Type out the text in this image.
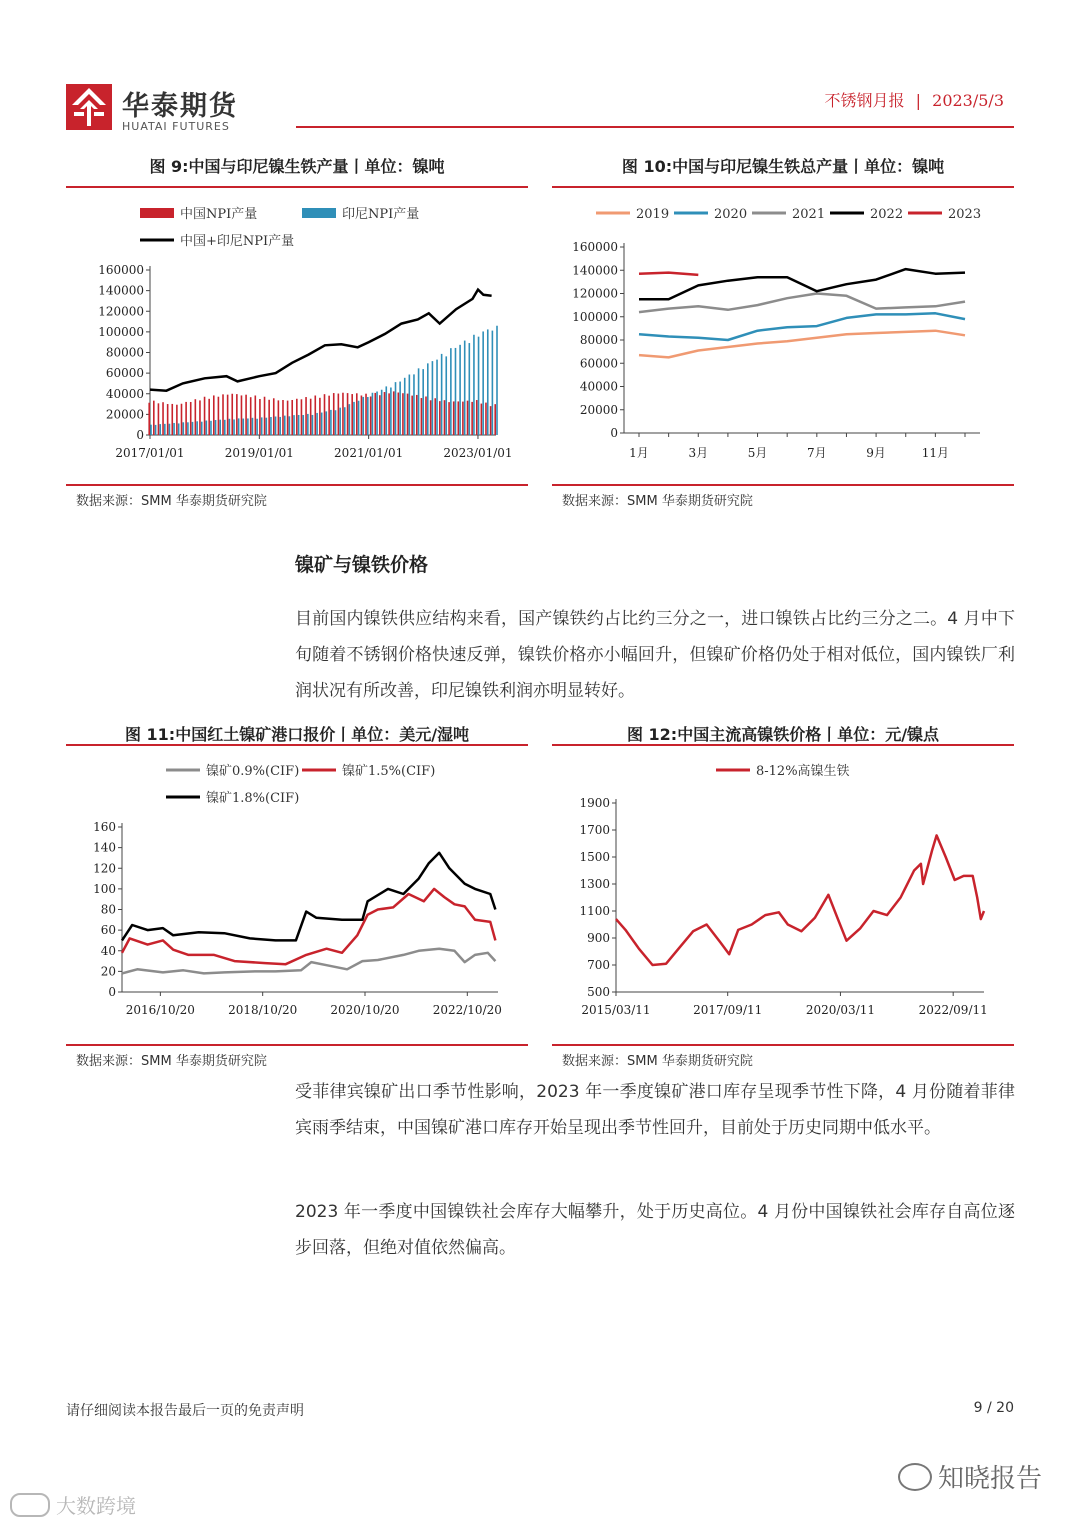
华泰期货
HUATAI FUTURES
不锈钢月报 | 2023/5/3
图 9:中国与印尼镍生铁产量丨单位：镍吨
中国NPI产量	印尼NPI产量
中国+印尼NPI产量
0
20000
40000
60000
80000
100000
120000
140000
160000
2017/01/01	2019/01/01	2021/01/01	2023/01/01
数据来源：SMM 华泰期货研究院
图 10:中国与印尼镍生铁总产量丨单位：镍吨
2019	2020	2021	2022	2023
0
20000
40000
60000
80000
100000
120000
140000
160000
1月	3月	5月	7月	9月	11月
数据来源：SMM 华泰期货研究院
镍矿与镍铁价格
目前国内镍铁供应结构来看，国产镍铁约占比约三分之一，进口镍铁占比约三分之二。4 月中下旬随着不锈钢价格快速反弹，镍铁价格亦小幅回升，但镍矿价格仍处于相对低位，国内镍铁厂利润状况有所改善，印尼镍铁利润亦明显转好。
图 11:中国红土镍矿港口报价丨单位：美元/湿吨
镍矿0.9%(CIF)	镍矿1.5%(CIF)
镍矿1.8%(CIF)
0
20
40
60
80
100
120
140
160
2016/10/20	2018/10/20	2020/10/20	2022/10/20
数据来源：SMM 华泰期货研究院
图 12:中国主流高镍铁价格丨单位：元/镍点
8-12%高镍生铁
500
700
900
1100
1300
1500
1700
1900
2015/03/11	2017/09/11	2020/03/11	2022/09/11
数据来源：SMM 华泰期货研究院
受菲律宾镍矿出口季节性影响，2023 年一季度镍矿港口库存呈现季节性下降，4 月份随着菲律宾雨季结束，中国镍矿港口库存开始呈现出季节性回升，目前处于历史同期中低水平。
2023 年一季度中国镍铁社会库存大幅攀升，处于历史高位。4 月份中国镍铁社会库存自高位逐步回落，但绝对值依然偏高。
请仔细阅读本报告最后一页的免责声明	9 / 20
知晓报告
大数跨境
